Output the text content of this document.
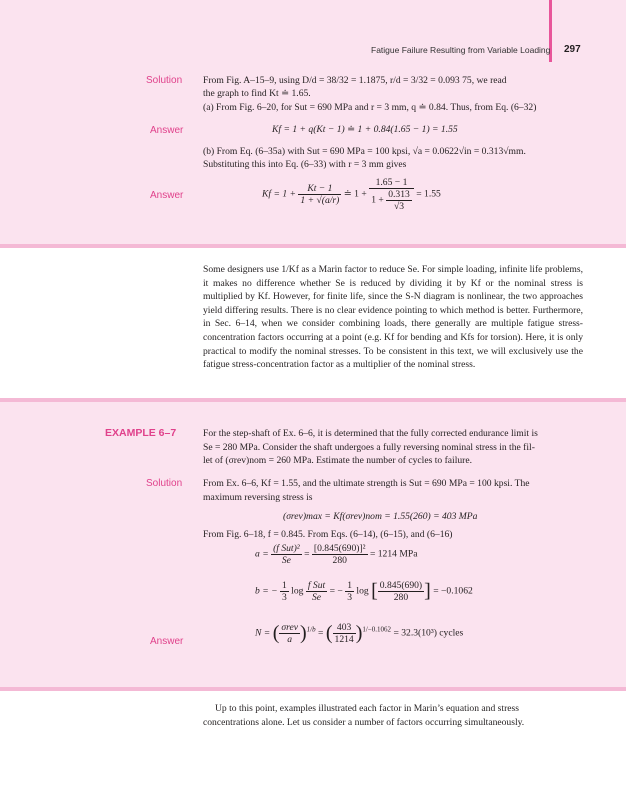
Fatigue Failure Resulting from Variable Loading 297
Solution From Fig. A–15–9, using D/d = 38/32 = 1.1875, r/d = 3/32 = 0.093 75, we read
the graph to find Kt ≐ 1.65.
(a) From Fig. 6–20, for Sut = 690 MPa and r = 3 mm, q ≐ 0.84. Thus, from Eq. (6–32)
Answer	Kf = 1 + q(Kt − 1) ≐ 1 + 0.84(1.65 − 1) = 1.55
(b) From Eq. (6–35a) with Sut = 690 MPa = 100 kpsi, √a = 0.0622√in = 0.313√mm.
Substituting this into Eq. (6–33) with r = 3 mm gives
Answer	$Kf = 1 + \frac{Kt - 1}{1 + √(a/r)}$ ≐ $1 + \frac{1.65 - 1}{1 + \frac{0.313}{√3}} = 1.55$
Some designers use 1/Kf as a Marin factor to reduce Se. For simple loading, infinite life problems, it makes no difference whether Se is reduced by dividing it by Kf or the nominal stress is multiplied by Kf. However, for finite life, since the S-N diagram is nonlinear, the two approaches yield differing results. There is no clear evidence pointing to which method is better. Furthermore, in Sec. 6–14, when we consider combining loads, there generally are multiple fatigue stress-concentration factors occurring at a point (e.g. Kf for bending and Kfs for torsion). Here, it is only practical to modify the nominal stresses. To be consistent in this text, we will exclusively use the fatigue stress-concentration factor as a multiplier of the nominal stress.
EXAMPLE 6–7	For the step-shaft of Ex. 6–6, it is determined that the fully corrected endurance limit is
Se = 280 MPa. Consider the shaft undergoes a fully reversing nominal stress in the fil-
let of (σrev)nom = 260 MPa. Estimate the number of cycles to failure.
Solution From Ex. 6–6, Kf = 1.55, and the ultimate strength is Sut = 690 MPa = 100 kpsi. The
maximum reversing stress is
(σrev)max = Kf(σrev)nom = 1.55(260) = 403 MPa
From Fig. 6–18, f = 0.845. From Eqs. (6–14), (6–15), and (6–16)
$a = \frac{\text{(f Sut)²}}{Se} = \frac{\text{[0.845(690)]²}}{280} = 1214$ MPa
b = − $\frac{1}{3}$ $\log \frac{\text{f Sut}}{Se}$ = − $\frac{1}{3}$ log [ $\frac{0.845(690)}{280}$ ] = −0.1062
Answer
N = ( $\frac{\text{σrev}}{a} )^{1/b}$ = ( $\frac{403}{1214} )^{1/-0.1062} = 32.3(10^3)$ cycles
Up to this point, examples illustrated each factor in Marin’s equation and stress
concentrations alone. Let us consider a number of factors occurring simultaneously.
